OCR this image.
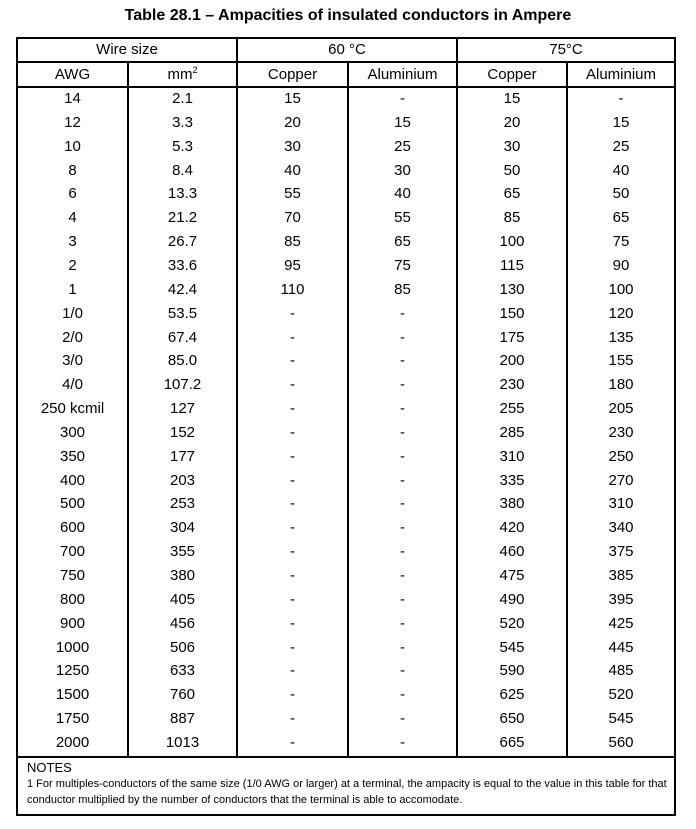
Table 28.1 – Ampacities of insulated conductors in Ampere
Wire size	60 °C	75°C
AWG	$mm^2$	Copper	Aluminium	Copper	Aluminium
14	2.1	15	-	15	-
12	3.3	20	15	20	15
10	5.3	30	25	30	25
8	8.4	40	30	50	40
6	13.3	55	40	65	50
4	21.2	70	55	85	65
3	26.7	85	65	100	75
2	33.6	95	75	115	90
1	42.4	110	85	130	100
1/0	53.5	-	-	150	120
2/0	67.4	-	-	175	135
3/0	85.0	-	-	200	155
4/0	107.2	-	-	230	180
250 kcmil	127	-	-	255	205
300	152	-	-	285	230
350	177	-	-	310	250
400	203	-	-	335	270
500	253	-	-	380	310
600	304	-	-	420	340
700	355	-	-	460	375
750	380	-	-	475	385
800	405	-	-	490	395
900	456	-	-	520	425
1000	506	-	-	545	445
1250	633	-	-	590	485
1500	760	-	-	625	520
1750	887	-	-	650	545
2000	1013	-	-	665	560
NOTES
1 For multiples-conductors of the same size (1/0 AWG or larger) at a terminal, the ampacity is equal to the value in this table for that conductor multiplied by the number of conductors that the terminal is able to accomodate.
